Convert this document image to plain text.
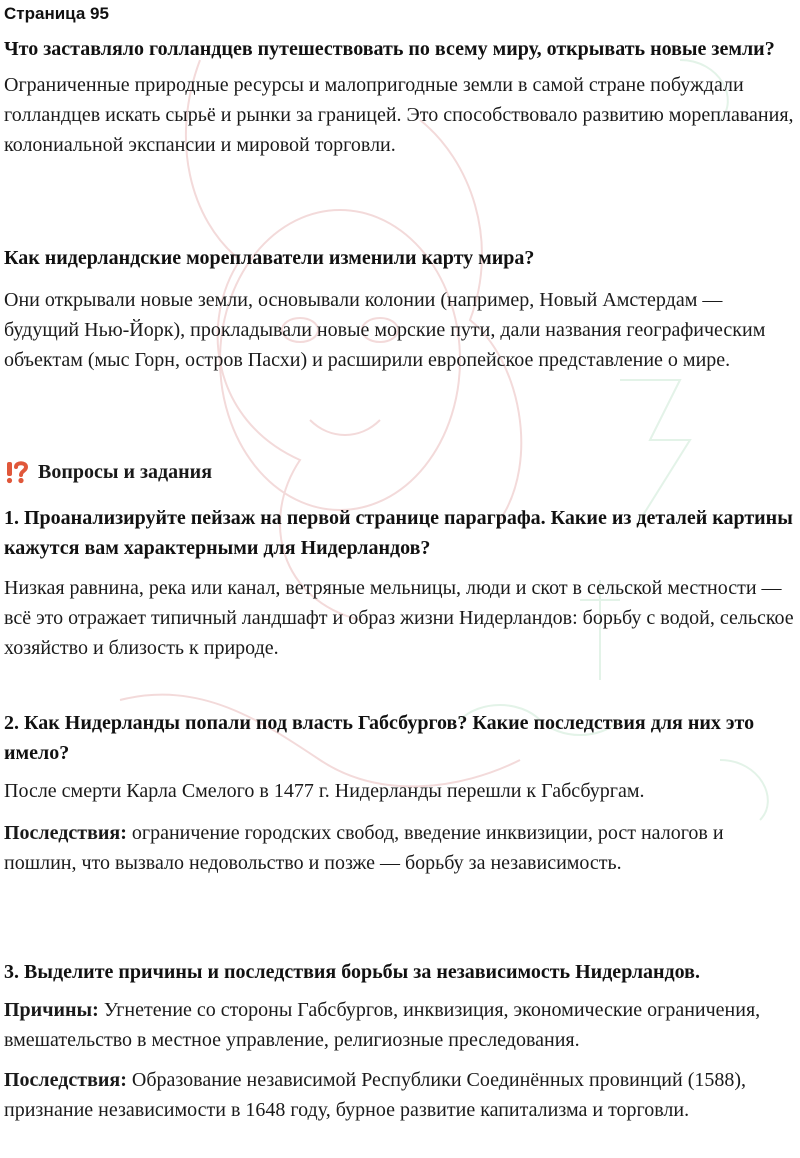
Страница 95

Что заставляло голландцев путешествовать по всему миру, открывать новые земли?

Ограниченные природные ресурсы и малопригодные земли в самой стране побуждали голландцев искать сырьё и рынки за границей. Это способствовало развитию мореплавания, колониальной экспансии и мировой торговли.

Как нидерландские мореплаватели изменили карту мира?

Они открывали новые земли, основывали колонии (например, Новый Амстердам — будущий Нью-Йорк), прокладывали новые морские пути, дали названия географическим объектам (мыс Горн, остров Пасхи) и расширили европейское представление о мире.

Вопросы и задания

1. Проанализируйте пейзаж на первой странице параграфа. Какие из деталей картины кажутся вам характерными для Нидерландов?

Низкая равнина, река или канал, ветряные мельницы, люди и скот в сельской местности — всё это отражает типичный ландшафт и образ жизни Нидерландов: борьбу с водой, сельское хозяйство и близость к природе.

2. Как Нидерланды попали под власть Габсбургов? Какие последствия для них это имело?

После смерти Карла Смелого в 1477 г. Нидерланды перешли к Габсбургам.

Последствия: ограничение городских свобод, введение инквизиции, рост налогов и пошлин, что вызвало недовольство и позже — борьбу за независимость.

3. Выделите причины и последствия борьбы за независимость Нидерландов.

Причины: Угнетение со стороны Габсбургов, инквизиция, экономические ограничения, вмешательство в местное управление, религиозные преследования.

Последствия: Образование независимой Республики Соединённых провинций (1588), признание независимости в 1648 году, бурное развитие капитализма и торговли.
